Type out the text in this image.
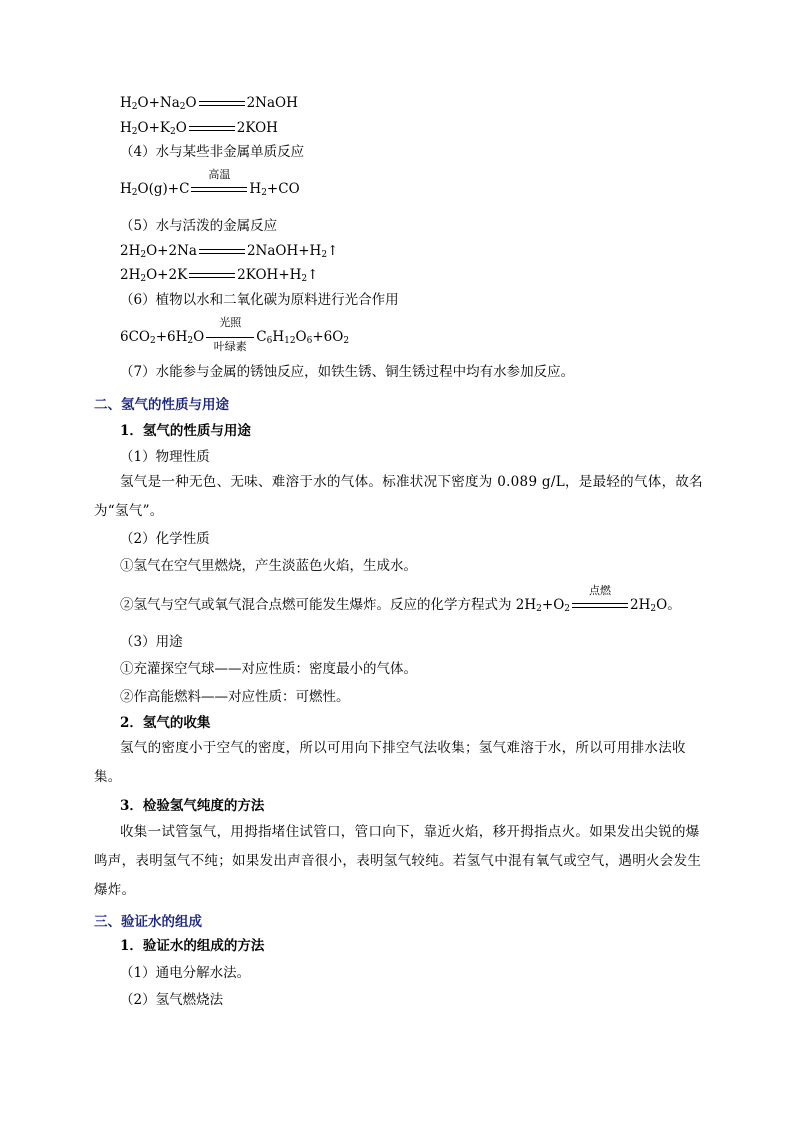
$H_2O+Na_2O$	2NaOH
$H_2O+K_2O$	2KOH
（4）水与某些非金属单质反应
$H_2O(g)+C$
高温
$H_2+CO$
（5）水与活泼的金属反应
$2H_2O+2Na$	$2NaOH+H_2↑$
$2H_2O+2K$	$2KOH+H_2↑$
（6）植物以水和二氧化碳为原料进行光合作用
$6CO_2+6H_2O$
光照
叶绿素
$C_6H_{12}O_6+6O_2$
（7）水能参与金属的锈蚀反应，如铁生锈、铜生锈过程中均有水参加反应。
二、氢气的性质与用途
1．氢气的性质与用途
（1）物理性质
氢气是一种无色、无味、难溶于水的气体。标准状况下密度为 0.089 g/L，是最轻的气体，故名为“氢气”。
（2）化学性质
①氢气在空气里燃烧，产生淡蓝色火焰，生成水。
②氢气与空气或氧气混合点燃可能发生爆炸。反应的化学方程式为 $2H_2+O_2$
点燃
$2H_2O$。
（3）用途
①充灌探空气球——对应性质：密度最小的气体。
②作高能燃料——对应性质：可燃性。
2．氢气的收集
氢气的密度小于空气的密度，所以可用向下排空气法收集；氢气难溶于水，所以可用排水法收集。
3．检验氢气纯度的方法
收集一试管氢气，用拇指堵住试管口，管口向下，靠近火焰，移开拇指点火。如果发出尖锐的爆鸣声，表明氢气不纯；如果发出声音很小，表明氢气较纯。若氢气中混有氧气或空气，遇明火会发生爆炸。
三、验证水的组成
1．验证水的组成的方法
（1）通电分解水法。
（2）氢气燃烧法
